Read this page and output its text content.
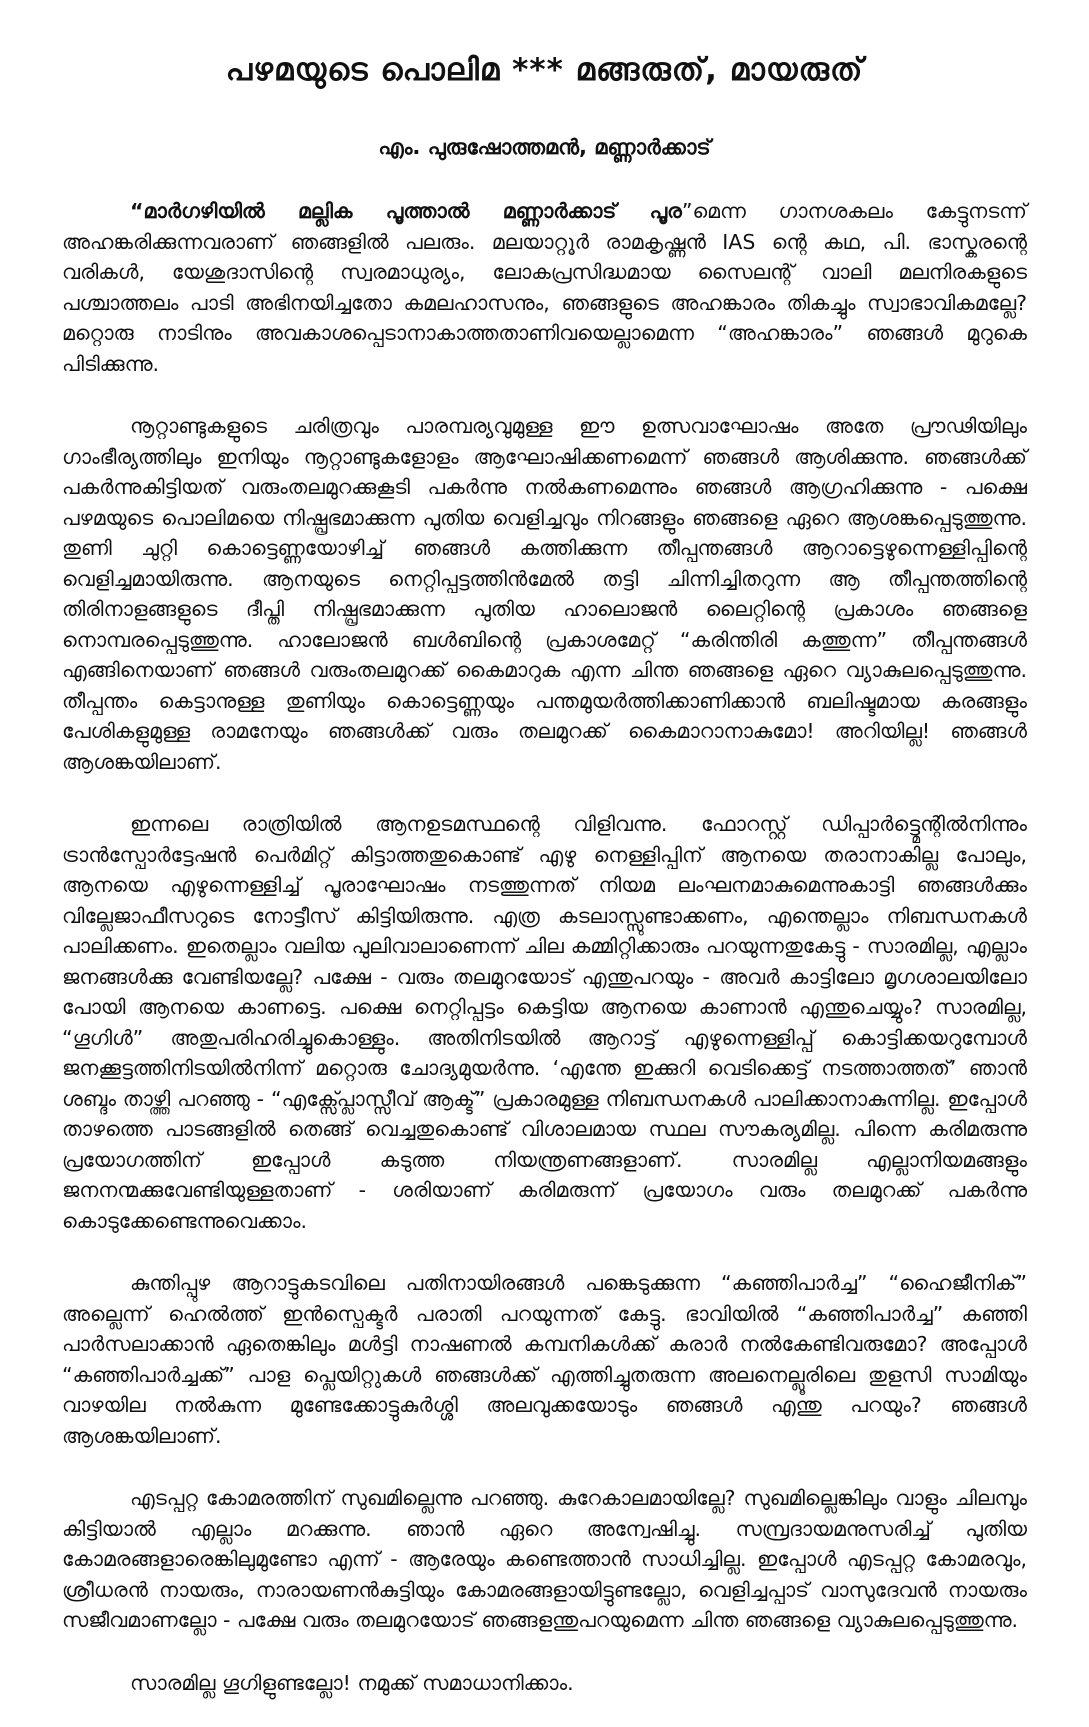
പഴമയുടെ പൊലിമ *** മങ്ങരുത്, മായരുത്
എം. പുരുഷോത്തമൻ, മണ്ണാർക്കാട്

“മാർഗഴിയിൽ മല്ലിക പൂത്താൽ മണ്ണാർക്കാട് പൂര”മെന്ന ഗാനശകലം കേട്ടുനടന്ന് അഹങ്കരിക്കുന്നവരാണ് ഞങ്ങളിൽ പലരും. മലയാറ്റൂർ രാമകൃഷ്ണൻ IAS ന്റെ കഥ, പി. ഭാസ്കരന്റെ വരികൾ, യേശുദാസിന്റെ സ്വരമാധുര്യം, ലോകപ്രസിദ്ധമായ സൈലന്റ് വാലി മലനിരകളുടെ പശ്ചാത്തലം പാടി അഭിനയിച്ചതോ കമലഹാസനും, ഞങ്ങളുടെ അഹങ്കാരം തികച്ചും സ്വാഭാവികമല്ലേ? മറ്റൊരു നാടിനും അവകാശപ്പെടാനാകാത്തതാണിവയെല്ലാമെന്ന “അഹങ്കാരം” ഞങ്ങൾ മുറുകെ പിടിക്കുന്നു.

നൂറ്റാണ്ടുകളുടെ ചരിത്രവും പാരമ്പര്യവുമുള്ള ഈ ഉത്സവാഘോഷം അതേ പ്രൗഢിയിലും ഗാംഭീര്യത്തിലും ഇനിയും നൂറ്റാണ്ടുകളോളം ആഘോഷിക്കണമെന്ന് ഞങ്ങൾ ആശിക്കുന്നു. ഞങ്ങൾക്ക് പകർന്നുകിട്ടിയത് വരുംതലമുറക്കുകൂടി പകർന്നു നൽകണമെന്നും ഞങ്ങൾ ആഗ്രഹിക്കുന്നു - പക്ഷെ പഴമയുടെ പൊലിമയെ നിഷ്പ്രഭമാക്കുന്ന പുതിയ വെളിച്ചവും നിറങ്ങളും ഞങ്ങളെ ഏറെ ആശങ്കപ്പെടുത്തുന്നു. തുണി ചുറ്റി കൊട്ടെണ്ണയോഴിച്ച് ഞങ്ങൾ കത്തിക്കുന്ന തീപ്പന്തങ്ങൾ ആറാട്ടെഴുന്നെള്ളിപ്പിന്റെ വെളിച്ചമായിരുന്നു. ആനയുടെ നെറ്റിപ്പട്ടത്തിൻമേൽ തട്ടി ചിന്നിച്ചിതറുന്ന ആ തീപ്പന്തത്തിന്റെ തിരിനാളങ്ങളുടെ ദീപ്തി നിഷ്പ്രഭമാക്കുന്ന പുതിയ ഹാലൊജൻ ലൈറ്റിന്റെ പ്രകാശം ഞങ്ങളെ നൊമ്പരപ്പെടുത്തുന്നു. ഹാലോജൻ ബൾബിന്റെ പ്രകാശമേറ്റ് “കരിന്തിരി കത്തുന്ന” തീപ്പന്തങ്ങൾ എങ്ങിനെയാണ് ഞങ്ങൾ വരുംതലമുറക്ക് കൈമാറുക എന്ന ചിന്ത ഞങ്ങളെ ഏറെ വ്യാകുലപ്പെടുത്തുന്നു. തീപ്പന്തം കെട്ടാനുള്ള തുണിയും കൊട്ടെണ്ണയും പന്തമുയർത്തിക്കാണിക്കാൻ ബലിഷ്ടമായ കരങ്ങളും പേശികളുമുള്ള രാമനേയും ഞങ്ങൾക്ക് വരും തലമുറക്ക് കൈമാറാനാകുമോ! അറിയില്ല! ഞങ്ങൾ ആശങ്കയിലാണ്.

ഇന്നലെ രാത്രിയിൽ ആനഉടമസ്ഥന്റെ വിളിവന്നു. ഫോറസ്റ്റ് ഡിപ്പാർട്ട്മെന്റിൽനിന്നും ട്രാൻസ്പോർട്ടേഷൻ പെർമിറ്റ് കിട്ടാത്തതുകൊണ്ട് എഴു നെള്ളിപ്പിന് ആനയെ തരാനാകില്ല പോലും, ആനയെ എഴുന്നെള്ളിച്ച് പൂരാഘോഷം നടത്തുന്നത് നിയമ ലംഘനമാകുമെന്നുകാട്ടി ഞങ്ങൾക്കും വില്ലേജാഫീസറുടെ നോട്ടീസ് കിട്ടിയിരുന്നു. എത്ര കടലാസ്സുണ്ടാക്കണം, എന്തെല്ലാം നിബന്ധനകൾ പാലിക്കണം. ഇതെല്ലാം വലിയ പുലിവാലാണെന്ന് ചില കമ്മിറ്റിക്കാരും പറയുന്നതുകേട്ടു - സാരമില്ല, എല്ലാം ജനങ്ങൾക്കു വേണ്ടിയല്ലേ? പക്ഷേ - വരും തലമുറയോട് എന്തുപറയും - അവർ കാട്ടിലോ മൃഗശാലയിലോ പോയി ആനയെ കാണട്ടെ. പക്ഷെ നെറ്റിപ്പട്ടം കെട്ടിയ ആനയെ കാണാൻ എന്തുചെയ്യും? സാരമില്ല, “ഗൂഗിൾ” അതുപരിഹരിച്ചുകൊള്ളും. അതിനിടയിൽ ആറാട്ട് എഴുന്നെള്ളിപ്പ് കൊട്ടിക്കയറുമ്പോൾ ജനക്കൂട്ടത്തിനിടയിൽനിന്ന് മറ്റൊരു ചോദ്യമുയർന്നു. ‘എന്തേ ഇക്കുറി വെടിക്കെട്ട് നടത്താത്തത്’ ഞാൻ ശബ്ദം താഴ്ത്തി പറഞ്ഞു - “എക്സ്പ്ലോസ്സീവ് ആക്ട്” പ്രകാരമുള്ള നിബന്ധനകൾ പാലിക്കാനാകുന്നില്ല. ഇപ്പോൾ താഴത്തെ പാടങ്ങളിൽ തെങ്ങ് വെച്ചതുകൊണ്ട് വിശാലമായ സ്ഥല സൗകര്യമില്ല. പിന്നെ കരിമരുന്നു പ്രയോഗത്തിന് ഇപ്പോൾ കടുത്ത നിയന്ത്രണങ്ങളാണ്. സാരമില്ല എല്ലാനിയമങ്ങളും ജനനന്മക്കുവേണ്ടിയുള്ളതാണ് - ശരിയാണ് കരിമരുന്ന് പ്രയോഗം വരും തലമുറക്ക് പകർന്നു കൊടുക്കേണ്ടെന്നുവെക്കാം.

കുന്തിപ്പുഴ ആറാട്ടുകടവിലെ പതിനായിരങ്ങൾ പങ്കെടുക്കുന്ന “കഞ്ഞിപാർച്ച” “ഹൈജീനിക്” അല്ലെന്ന് ഹെൽത്ത് ഇൻസ്പെക്ടർ പരാതി പറയുന്നത് കേട്ടു. ഭാവിയിൽ “കഞ്ഞിപാർച്ച” കഞ്ഞി പാർസലാക്കാൻ ഏതെങ്കിലും മൾട്ടി നാഷണൽ കമ്പനികൾക്ക് കരാർ നൽകേണ്ടിവരുമോ? അപ്പോൾ “കഞ്ഞിപാർച്ചക്ക്” പാള പ്ലെയിറ്റുകൾ ഞങ്ങൾക്ക് എത്തിച്ചുതരുന്ന അലനെല്ലൂരിലെ തുളസി സാമിയും വാഴയില നൽകുന്ന മുണ്ടേക്കോട്ടുകുർശ്ശി അലവുക്കയോടും ഞങ്ങൾ എന്തു പറയും? ഞങ്ങൾ ആശങ്കയിലാണ്.

എടപ്പറ്റ കോമരത്തിന് സുഖമില്ലെന്നു പറഞ്ഞു. കുറേകാലമായില്ലേ? സുഖമില്ലെങ്കിലും വാളും ചിലമ്പും കിട്ടിയാൽ എല്ലാം മറക്കുന്നു. ഞാൻ ഏറെ അന്വേഷിച്ചു. സമ്പ്രദായമനുസരിച്ച് പുതിയ കോമരങ്ങളാരെങ്കിലുമുണ്ടോ എന്ന് - ആരേയും കണ്ടെത്താൻ സാധിച്ചില്ല. ഇപ്പോൾ എടപ്പറ്റ കോമരവും, ശ്രീധരൻ നായരും, നാരായണൻകുട്ടിയും കോമരങ്ങളായിട്ടുണ്ടല്ലോ, വെളിച്ചപ്പാട് വാസുദേവൻ നായരും സജീവമാണല്ലോ - പക്ഷേ വരും തലമുറയോട് ഞങ്ങളന്തുപറയുമെന്ന ചിന്ത ഞങ്ങളെ വ്യാകുലപ്പെടുത്തുന്നു.

സാരമില്ല ഗൂഗിളുണ്ടല്ലോ! നമുക്ക് സമാധാനിക്കാം.
